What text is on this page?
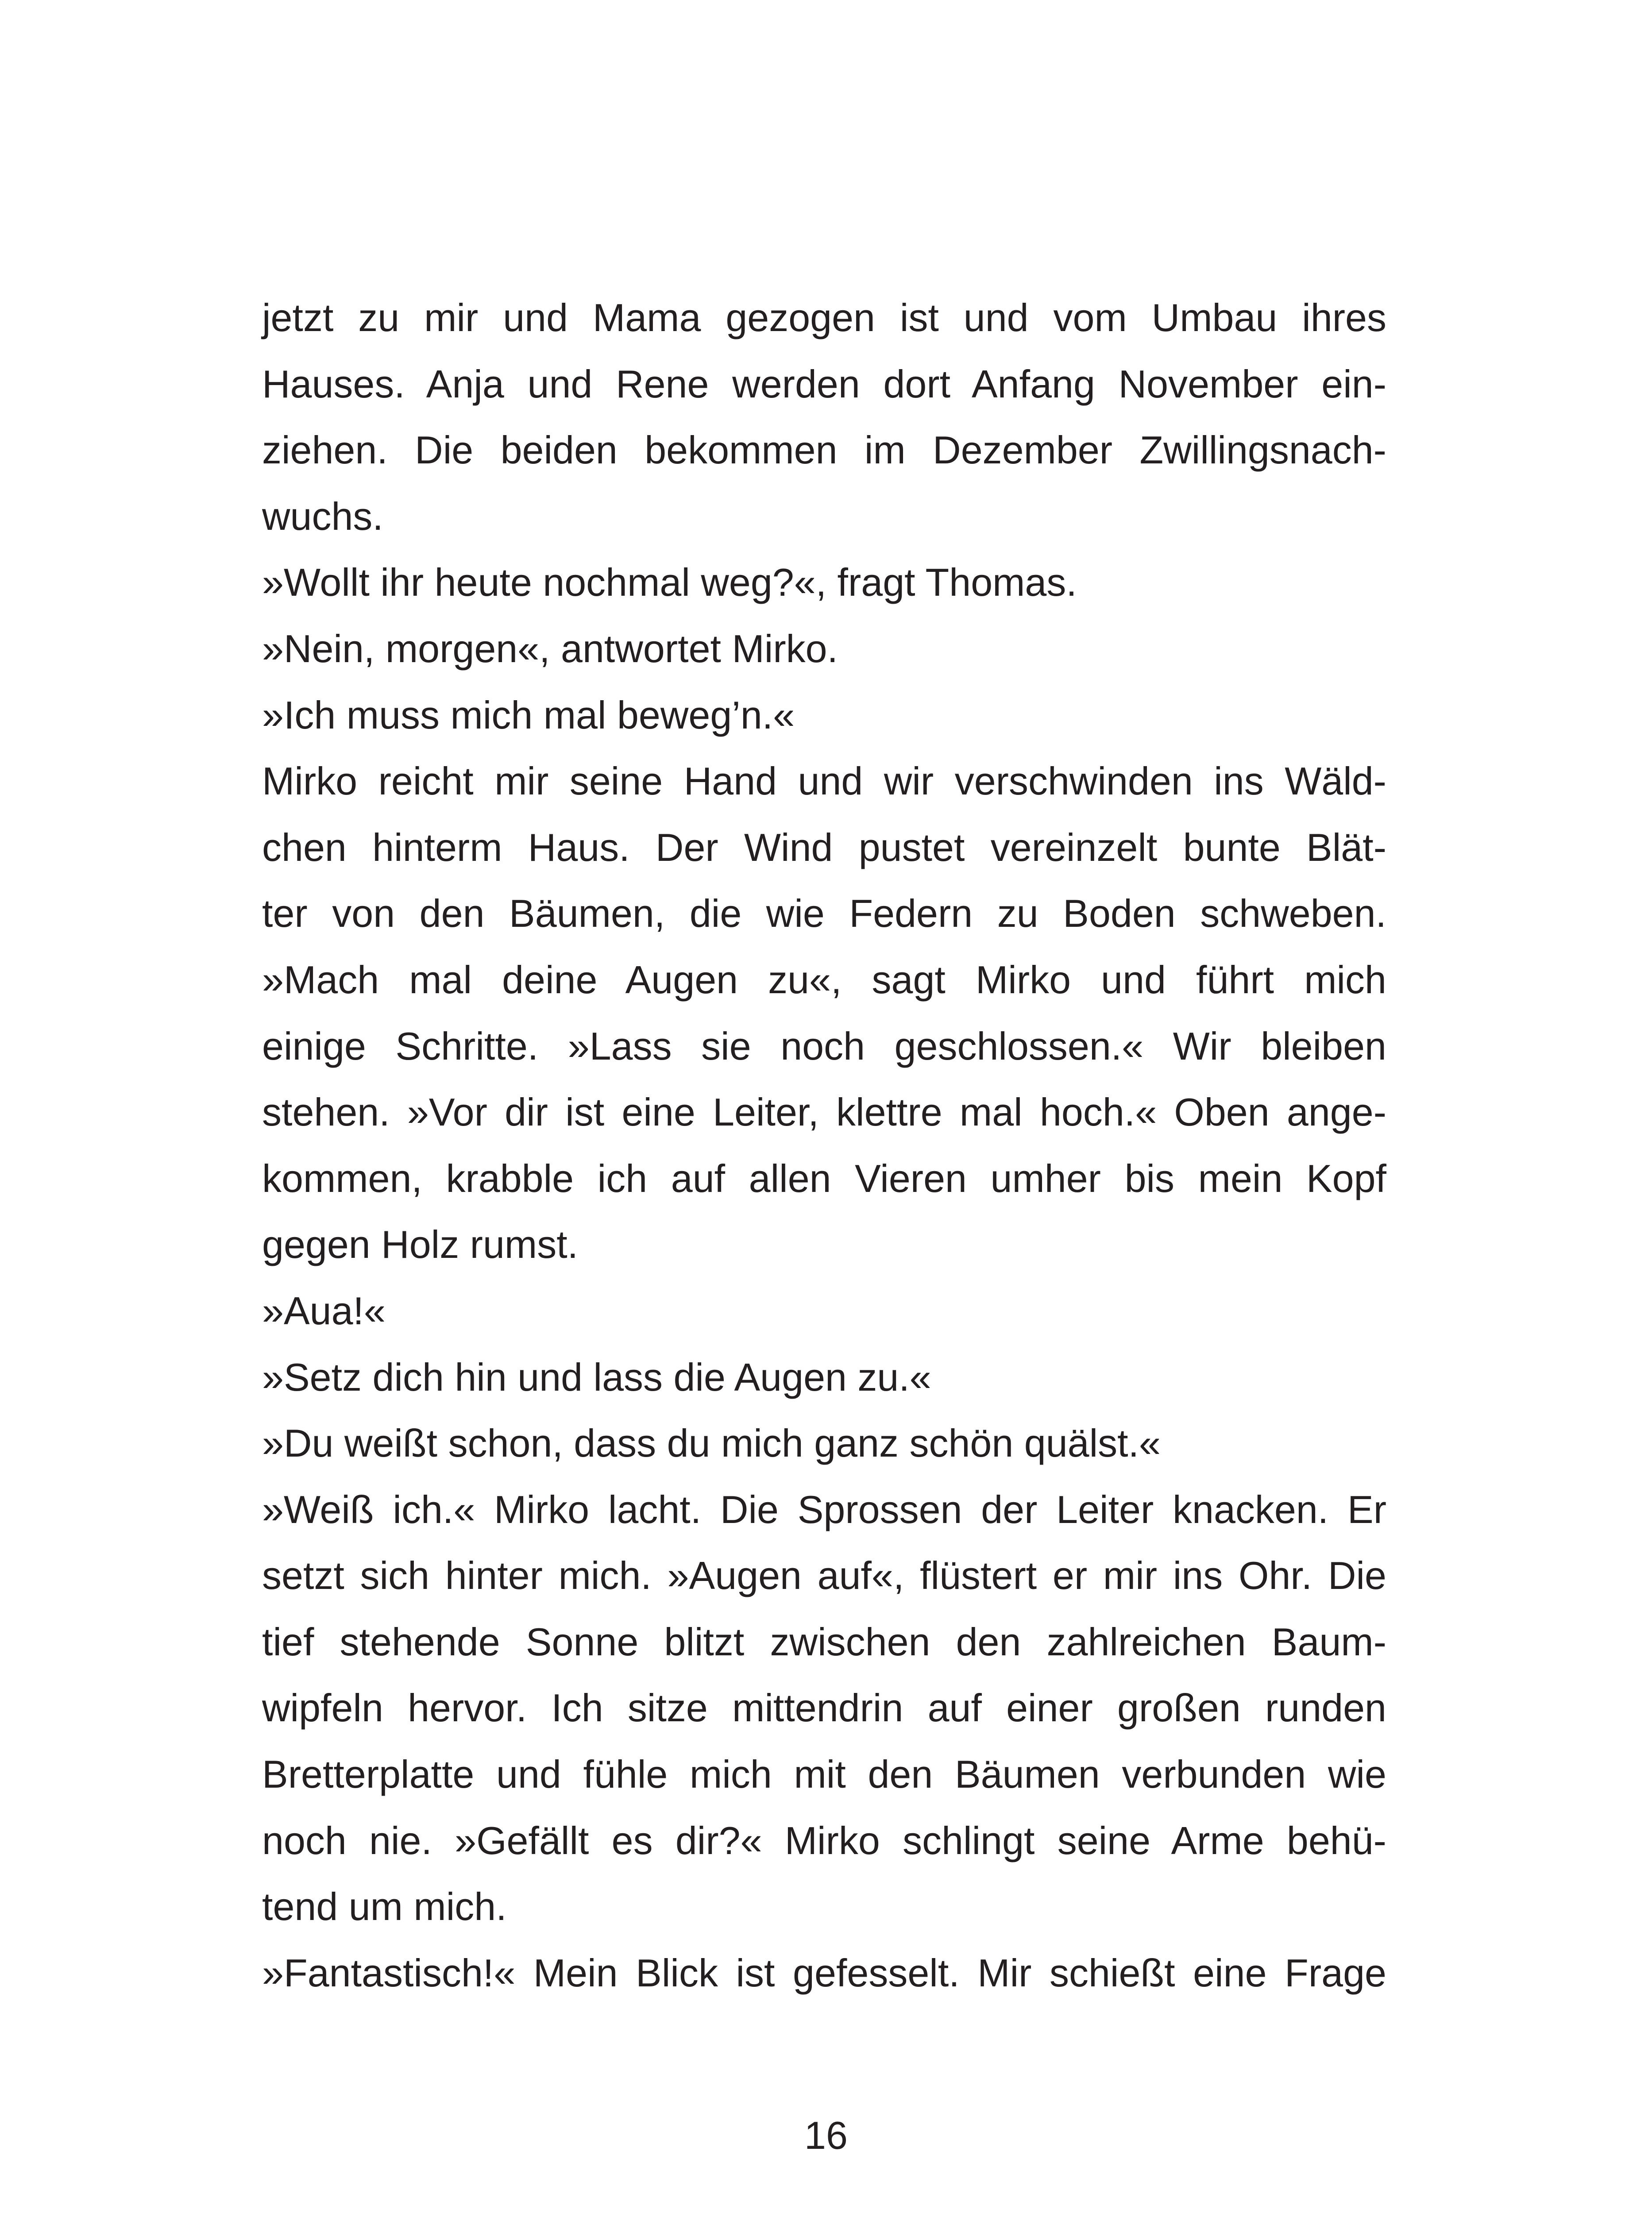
jetzt zu mir und Mama gezogen ist und vom Umbau ihres
Hauses. Anja und Rene werden dort Anfang November ein-
ziehen. Die beiden bekommen im Dezember Zwillingsnach-
wuchs.
»Wollt ihr heute nochmal weg?«, fragt Thomas.
»Nein, morgen«, antwortet Mirko.
»Ich muss mich mal beweg’n.«
Mirko reicht mir seine Hand und wir verschwinden ins Wäld-
chen hinterm Haus. Der Wind pustet vereinzelt bunte Blät-
ter von den Bäumen, die wie Federn zu Boden schweben.
»Mach mal deine Augen zu«, sagt Mirko und führt mich
einige Schritte. »Lass sie noch geschlossen.« Wir bleiben
stehen. »Vor dir ist eine Leiter, klettre mal hoch.« Oben ange-
kommen, krabble ich auf allen Vieren umher bis mein Kopf
gegen Holz rumst.
»Aua!«
»Setz dich hin und lass die Augen zu.«
»Du weißt schon, dass du mich ganz schön quälst.«
»Weiß ich.« Mirko lacht. Die Sprossen der Leiter knacken. Er
setzt sich hinter mich. »Augen auf«, flüstert er mir ins Ohr. Die
tief stehende Sonne blitzt zwischen den zahlreichen Baum-
wipfeln hervor. Ich sitze mittendrin auf einer großen runden
Bretterplatte und fühle mich mit den Bäumen verbunden wie
noch nie. »Gefällt es dir?« Mirko schlingt seine Arme behü-
tend um mich.
»Fantastisch!« Mein Blick ist gefesselt. Mir schießt eine Frage
16
